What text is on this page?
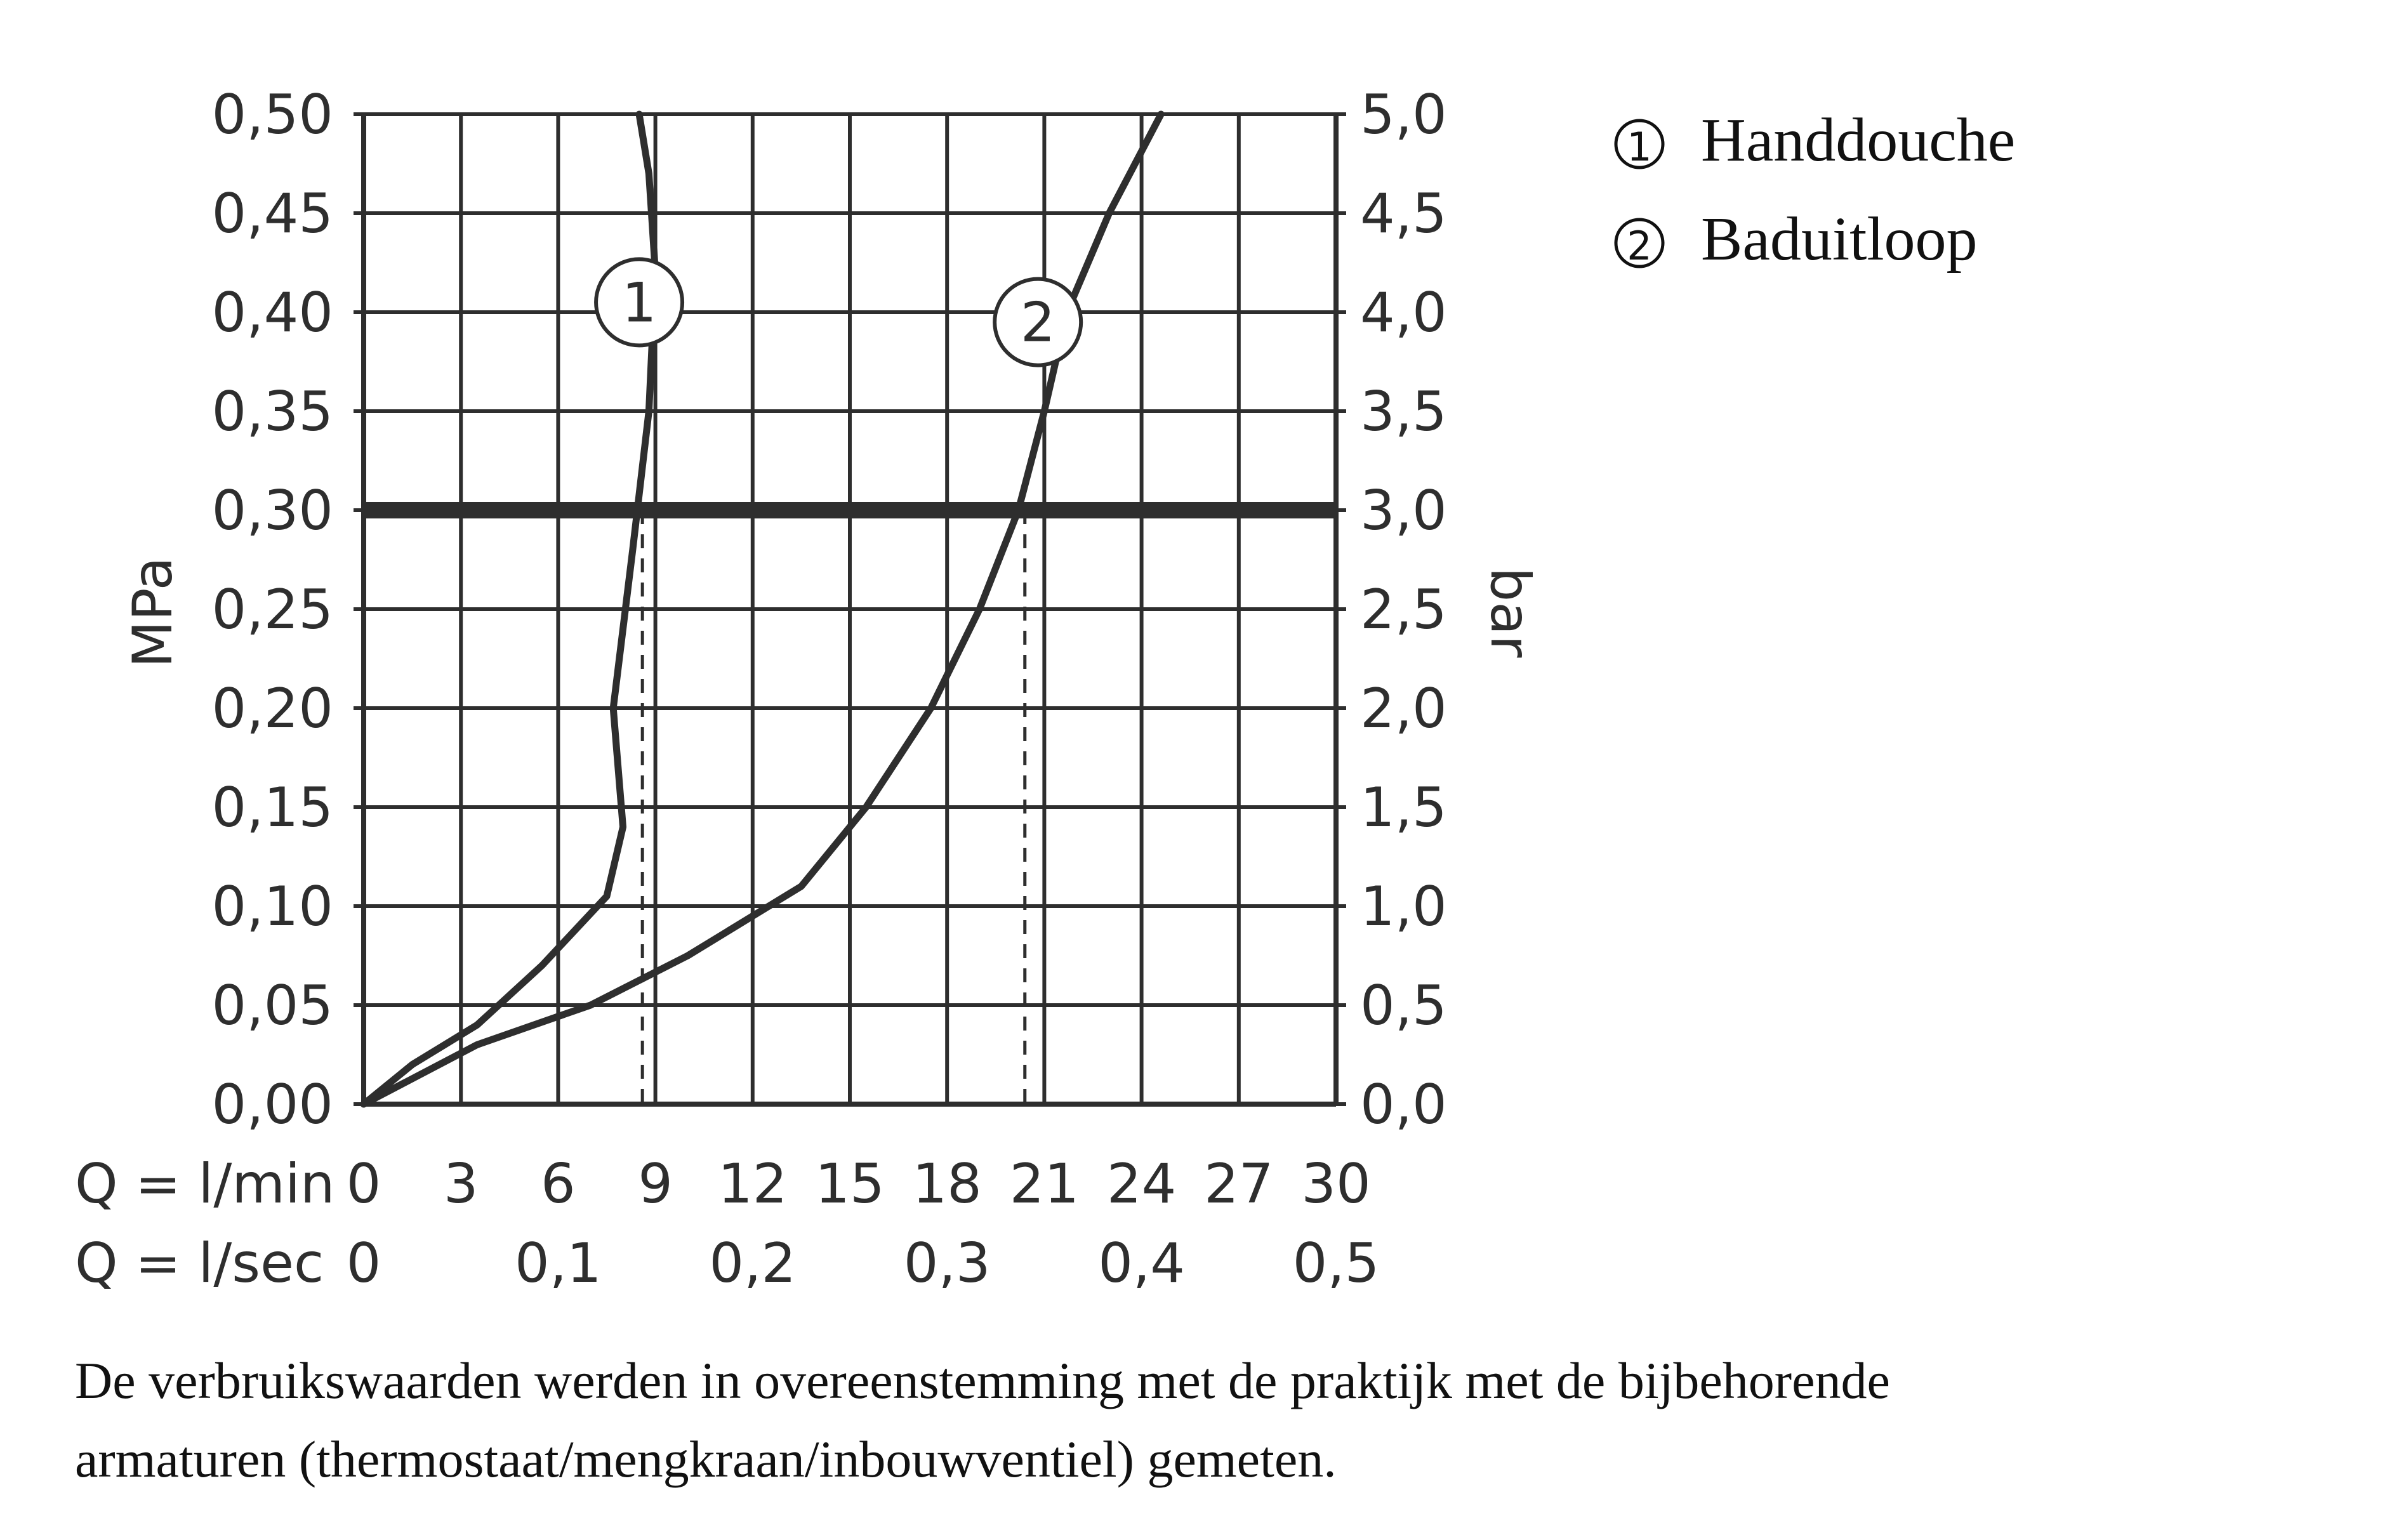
1	2
0,00
0,05
0,10
0,15
0,20
0,25
0,30
0,35
0,40
0,45
0,50
0,0
0,5
1,0
1,5
2,0
2,5
3,0
3,5
4,0
4,5
5,0
0 3 6 9 12 15 18 21 24 27 30
0 0,1 0,2 0,3 0,4 0,5
MPa	bar
Q = l/min
Q = l/sec
1 Handdouche
2 Baduitloop
De verbruikswaarden werden in overeenstemming met de praktijk met de bijbehorende
armaturen (thermostaat/mengkraan/inbouwventiel) gemeten.
